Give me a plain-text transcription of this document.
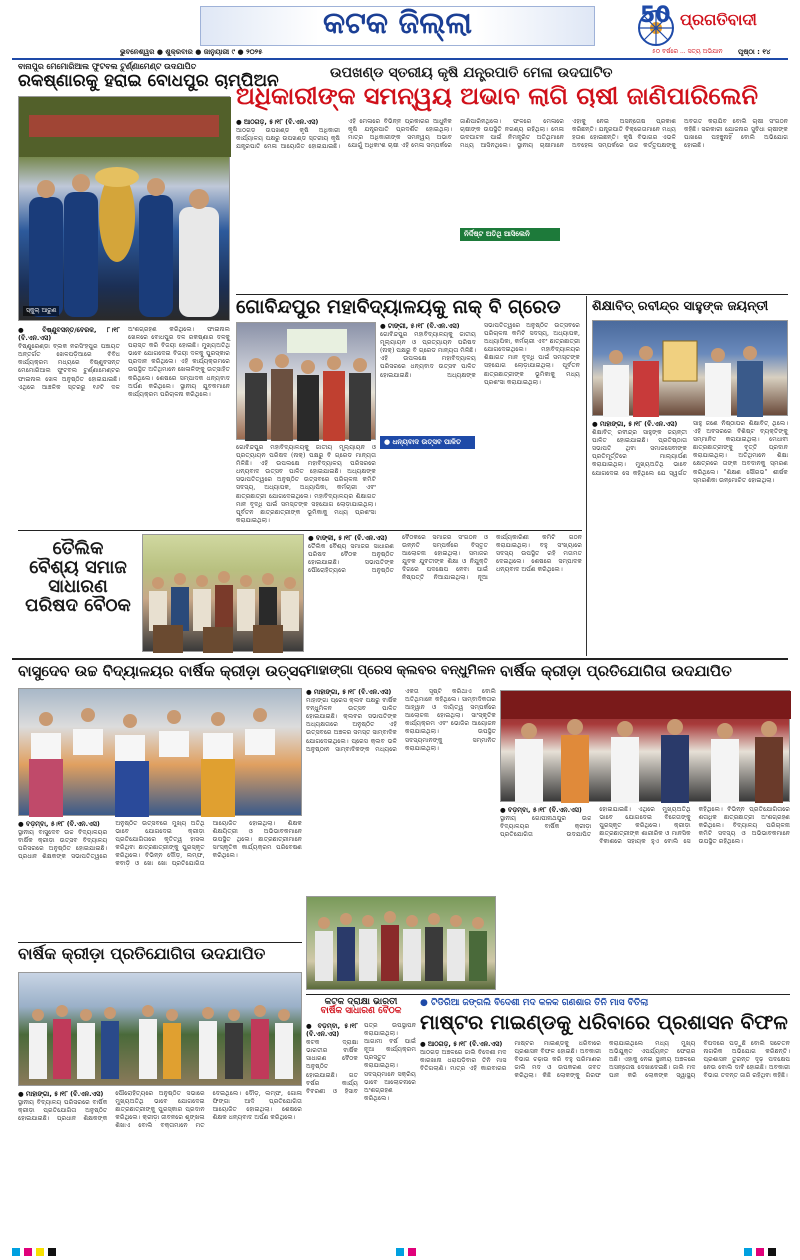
କଟକ ଜିଲ୍ଲା	50 ପ୍ରଗତିବାଦୀ
୫୦ ବର୍ଷରେ ... ସତ୍ୟ ଅଭିଯାନ
ଭୁବନେଶ୍ୱର ● ଶୁକ୍ରବାର ● ଜାନୁୟାରୀ ୯ ● ୨୦୨୫	ପୃଷ୍ଠା : ୧୪
ବାନାପୁର ମେମୋରିଆଲ ଫୁଟବଲ ଟୁର୍ଣ୍ଣାମେଣ୍ଟ ଉଦଯାପିତ
ରକଷ୍ଣାରକୁ ହରାଇ ବୋଧପୁର ଚାମ୍ପିଅନ
ସ୍କୁଲ୍ ଆରୁଣ
● ବିଷ୍ଣୁବସନ୍ତ/ବେରକ, ୮।୧୮ (ବି.ଏନ.ଏସ)
ବିଷ୍ଣୁରେଣ୍ଡା ବ୍ଲକ ନରସିଂହପୁର ପଞ୍ଚାୟତ ଅନ୍ତର୍ଗତ ଖେଳପଡ଼ିଆରେ ବିବିଧ କାର୍ଯ୍ୟକ୍ରମ ମଧ୍ୟରେ ବିଷ୍ଣୁବସନ୍ତ ମେମୋରିଆଲ ଫୁଟବଲ ଟୁର୍ଣ୍ଣାମେଣ୍ଟର ଫାଇନାଲ ଖେଳ ଅନୁଷ୍ଠିତ ହୋଇଯାଇଛି। ଏଥିରେ ଆଞ୍ଚଳିକ ସ୍ତରରୁ ୧୬ଟି ଦଳ ଅଂଶଗ୍ରହଣ କରିଥିଲେ। ଫାଇନାଲ ଖେଳରେ ବୋଧପୁର ଦଳ ରକଷ୍ଣାର ଦଳକୁ ପରାସ୍ତ କରି ବିଜୟୀ ହୋଇଛି। ମୁଖ୍ୟଅତିଥି ଭାବେ ଯୋଗଦେଇ ବିଜୟୀ ଦଳକୁ ପୁରସ୍କାର ପ୍ରଦାନ କରିଥିଲେ। ଏହି କାର୍ଯ୍ୟକ୍ରମରେ ଉପସ୍ଥିତ ଅତିଥିମାନେ ଖେଳାଳିଙ୍କୁ ଉତ୍ସାହିତ କରିଥିଲେ। ଶେଷରେ ସମ୍ପାଦକ ଧନ୍ୟବାଦ ଅର୍ପଣ କରିଥିଲେ। ସ୍ଥାନୀୟ ଯୁବକମାନେ କାର୍ଯ୍ୟକ୍ରମ ପରିଚାଳନା କରିଥିଲେ।
ଉପଖଣ୍ଡ ସ୍ତରୀୟ କୃଷି ଯନ୍ତ୍ରପାତି ମେଳା ଉଦଘାଟିତ
ଅଧିକାରୀଙ୍କ ସମନ୍ୱୟ ଅଭାବ ଲାଗି ଚାଷୀ ଜାଣିପାରିଲେନି
● ଆଠଗଡ଼, ୫।୧୮ (ବି.ଏନ.ଏସ)
ଆଠଗଡ଼ ଉପଖଣ୍ଡ କୃଷି ଅଧିକାରୀ କାର୍ଯ୍ୟାଳୟ ପକ୍ଷରୁ ଉପଖଣ୍ଡ ସ୍ତରୀୟ କୃଷି ଯନ୍ତ୍ରପାତି ମେଳା ଆୟୋଜିତ ହୋଇଯାଇଛି। ଏହି ମେଳାରେ ବିଭିନ୍ନ ପ୍ରକାରର ଆଧୁନିକ କୃଷି ଯନ୍ତ୍ରପାତି ପ୍ରଦର୍ଶିତ ହୋଇଥିଲା। ମାତ୍ର ଅଧିକାରୀଙ୍କ ସମନ୍ୱୟ ଅଭାବ ଯୋଗୁଁ ଅଧିକାଂଶ ଚାଷୀ ଏହି ମେଳା ସମ୍ପର୍କରେ ଜାଣିପାରିନଥିଲେ। ଫଳରେ ମେଳାରେ ଚାଷୀଙ୍କ ଉପସ୍ଥିତି ନଗଣ୍ୟ ରହିଥିଲା। ମେଳା ଉଦଘାଟନ ପାଇଁ ନିମନ୍ତ୍ରିତ ଅତିଥିମାନେ ମଧ୍ୟ ଆସିନଥିଲେ। ସ୍ଥାନୀୟ ଚାଷୀମାନେ ଏହାକୁ ନେଇ ଅସନ୍ତୋଷ ପ୍ରକାଶ କରିଛନ୍ତି। ଯନ୍ତ୍ରପାତି ବିକ୍ରେତାମାନେ ମଧ୍ୟ ହତାଶ ହୋଇଛନ୍ତି। କୃଷି ବିଭାଗର ଏଭଳି ଅବହେଳା ସମ୍ପର୍କରେ ଉଚ୍ଚ କର୍ତ୍ତୃପକ୍ଷଙ୍କୁ ଅବଗତ କରାଯିବ ବୋଲି ଚାଷୀ ସଂଗଠନ କହିଛି। ସରକାରୀ ଯୋଜନାର ସୁବିଧା ଚାଷୀଙ୍କ ପାଖରେ ପହଞ୍ଚୁନାହିଁ ବୋଲି ଅଭିଯୋଗ ହୋଇଛି।
ନିର୍ଦ୍ଦିଷ୍ଟ ଅତିଥି ଆସିଲେନି
ଗୋବିନ୍ଦପୁର ମହାବିଦ୍ୟାଳୟକୁ ନାକ୍ ବି ଗ୍ରେଡ
● ଟାଙ୍ଗୀ, ୫।୧୮ (ବି.ଏନ.ଏସ)
ଗୋବିନ୍ଦପୁର ମହାବିଦ୍ୟାଳୟକୁ ଜାତୀୟ ମୂଲ୍ୟାୟନ ଓ ପ୍ରତ୍ୟାୟନ ପରିଷଦ (ନାକ୍) ପକ୍ଷରୁ ବି ଗ୍ରେଡ ମାନ୍ୟତା ମିଳିଛି। ଏହି ଉପଲକ୍ଷେ ମହାବିଦ୍ୟାଳୟ ପରିସରରେ ଧନ୍ୟବାଦ ଉତ୍ସବ ପାଳିତ ହୋଇଯାଇଛି। ଅଧ୍ୟକ୍ଷଙ୍କ ସଭାପତିତ୍ୱରେ ଅନୁଷ୍ଠିତ ଉତ୍ସବରେ ପରିଚାଳନା କମିଟି ସଦସ୍ୟ, ଅଧ୍ୟାପକ, ଅଧ୍ୟାପିକା, କର୍ମଚାରୀ ଏବଂ ଛାତ୍ରଛାତ୍ରୀ ଯୋଗଦେଇଥିଲେ। ମହାବିଦ୍ୟାଳୟର ଶିକ୍ଷାଗତ ମାନ ବୃଦ୍ଧି ପାଇଁ ସମସ୍ତଙ୍କ ସହଯୋଗ ଲୋଡ଼ାଯାଇଥିଲା। ପୂର୍ବତନ ଛାତ୍ରଛାତ୍ରୀଙ୍କ ଭୂମିକାକୁ ମଧ୍ୟ ପ୍ରଶଂସା କରାଯାଇଥିଲା।
● ଧନ୍ୟବାଦ ଉତ୍ସବ ପାଳିତ
ଗୋବିନ୍ଦପୁର ମହାବିଦ୍ୟାଳୟକୁ ଜାତୀୟ ମୂଲ୍ୟାୟନ ଓ ପ୍ରତ୍ୟାୟନ ପରିଷଦ (ନାକ୍) ପକ୍ଷରୁ ବି ଗ୍ରେଡ ମାନ୍ୟତା ମିଳିଛି। ଏହି ଉପଲକ୍ଷେ ମହାବିଦ୍ୟାଳୟ ପରିସରରେ ଧନ୍ୟବାଦ ଉତ୍ସବ ପାଳିତ ହୋଇଯାଇଛି। ଅଧ୍ୟକ୍ଷଙ୍କ ସଭାପତିତ୍ୱରେ ଅନୁଷ୍ଠିତ ଉତ୍ସବରେ ପରିଚାଳନା କମିଟି ସଦସ୍ୟ, ଅଧ୍ୟାପକ, ଅଧ୍ୟାପିକା, କର୍ମଚାରୀ ଏବଂ ଛାତ୍ରଛାତ୍ରୀ ଯୋଗଦେଇଥିଲେ। ମହାବିଦ୍ୟାଳୟର ଶିକ୍ଷାଗତ ମାନ ବୃଦ୍ଧି ପାଇଁ ସମସ୍ତଙ୍କ ସହଯୋଗ ଲୋଡ଼ାଯାଇଥିଲା। ପୂର୍ବତନ ଛାତ୍ରଛାତ୍ରୀଙ୍କ ଭୂମିକାକୁ ମଧ୍ୟ ପ୍ରଶଂସା କରାଯାଇଥିଲା।
ଶିକ୍ଷାବିତ୍ ରବୀନ୍ଦ୍ର ସାହୁଙ୍କ ଜୟନ୍ତୀ
● ମାହାଙ୍ଗା, ୫।୧୮ (ବି.ଏନ.ଏସ)
ଶିକ୍ଷାବିତ୍ ରବୀନ୍ଦ୍ର ସାହୁଙ୍କ ଜୟନ୍ତୀ ପାଳିତ ହୋଇଯାଇଛି। ପ୍ରତିଷ୍ଠାତା ସଭାପତି ଥିବା ସମାଜସେବୀଙ୍କ ପ୍ରତିମୂର୍ତ୍ତିରେ ମାଲ୍ୟାର୍ପଣ କରାଯାଇଥିଲା। ମୁଖ୍ୟଅତିଥି ଭାବେ ଯୋଗଦେଇ ସେ କହିଥିଲେ ଯେ ସ୍ୱର୍ଗତ ସାହୁ ଜଣେ ନିଷ୍ଠାପର ଶିକ୍ଷାବିତ୍ ଥିଲେ। ଏହି ଅବସରରେ ବିଶିଷ୍ଟ ବ୍ୟକ୍ତିଙ୍କୁ ସମ୍ମାନିତ କରାଯାଇଥିଲା। ମେଧାବୀ ଛାତ୍ରଛାତ୍ରୀଙ୍କୁ ବୃତ୍ତି ପ୍ରଦାନ କରାଯାଇଥିଲା। ଅତିଥିମାନେ ଶିକ୍ଷା କ୍ଷେତ୍ରରେ ତାଙ୍କ ଅବଦାନକୁ ସ୍ମରଣ କରିଥିଲେ। "ଶିକ୍ଷଣ ସୌରଭ" ଶୀର୍ଷକ ସ୍ମରଣିକା ଉନ୍ମୋଚିତ ହୋଇଥିଲା।
ତୈଲିକ
ବୈଶ୍ୟ ସମାଜ
ସାଧାରଣ
ପରିଷଦ ବୈଠକ
● ବାଙ୍କୀ, ୫।୧୮ (ବି.ଏନ.ଏସ)
ତୈଲିକ ବୈଶ୍ୟ ସମାଜର ସାଧାରଣ ପରିଷଦ ବୈଠକ ଅନୁଷ୍ଠିତ ହୋଇଯାଇଛି। ସଭାପତିଙ୍କ ପୌରୋହିତ୍ୟରେ ଅନୁଷ୍ଠିତ ବୈଠକରେ ସମାଜର ସଂଗଠନ ଓ ଉନ୍ନତି ସମ୍ପର୍କରେ ବିସ୍ତୃତ ଆଲୋଚନା ହୋଇଥିଲା। ସମାଜର ଯୁବକ ଯୁବତୀଙ୍କ ଶିକ୍ଷା ଓ ନିଯୁକ୍ତି ଦିଗରେ ପଦକ୍ଷେପ ନେବା ପାଇଁ ନିଷ୍ପତ୍ତି ନିଆଯାଇଥିଲା। ନୂଆ କାର୍ଯ୍ୟକାରିଣୀ କମିଟି ଗଠନ କରାଯାଇଥିଲା। ବହୁ ସଂଖ୍ୟାରେ ସଦସ୍ୟ ଉପସ୍ଥିତ ରହି ମତାମତ ଦେଇଥିଲେ। ଶେଷରେ ସମ୍ପାଦକ ଧନ୍ୟବାଦ ଅର୍ପଣ କରିଥିଲେ।
ବାସୁଦେବ ଉଚ୍ଚ ବିଦ୍ୟାଳୟର ବାର୍ଷିକ କ୍ରୀଡ଼ା ଉତ୍ସବ
● ବଡ଼ମ୍ବା, ୫।୧୮ (ବି.ଏନ.ଏସ)
ସ୍ଥାନୀୟ ବାସୁଦେବ ଉଚ୍ଚ ବିଦ୍ୟାଳୟର ବାର୍ଷିକ କ୍ରୀଡ଼ା ଉତ୍ସବ ବିଦ୍ୟାଳୟ ପରିସରରେ ଅନୁଷ୍ଠିତ ହୋଇଯାଇଛି। ପ୍ରଧାନ ଶିକ୍ଷକଙ୍କ ସଭାପତିତ୍ୱରେ ଅନୁଷ୍ଠିତ ଉତ୍ସବରେ ମୁଖ୍ୟ ଅତିଥି ଭାବେ ଯୋଗଦେଇ କ୍ରୀଡ଼ା ପ୍ରତିଯୋଗିତାରେ କୃତିତ୍ୱ ହାସଲ କରିଥିବା ଛାତ୍ରଛାତ୍ରୀଙ୍କୁ ପୁରସ୍କୃତ କରିଥିଲେ। ବିଭିନ୍ନ ଦୌଡ଼, ଲମ୍ଫ, କବାଡ଼ି ଓ ଖୋ ଖୋ ପ୍ରତିଯୋଗିତା ଆୟୋଜିତ ହୋଇଥିଲା। ଶିକ୍ଷକ ଶିକ୍ଷୟିତ୍ରୀ ଓ ଅଭିଭାବକମାନେ ଉପସ୍ଥିତ ଥିଲେ। ଛାତ୍ରଛାତ୍ରୀମାନେ ସାଂସ୍କୃତିକ କାର୍ଯ୍ୟକ୍ରମ ପରିବେଷଣ କରିଥିଲେ।
ମାହାଙ୍ଗା ପ୍ରେସ କ୍ଲବର ବନ୍ଧୁମିଳନ
● ମାହାଙ୍ଗା, ୫।୧୮ (ବି.ଏନ.ଏସ)
ମାହାଙ୍ଗା ପ୍ରେସ କ୍ଲବ ପକ୍ଷରୁ ବାର୍ଷିକ ବନ୍ଧୁମିଳନ ଉତ୍ସବ ପାଳିତ ହୋଇଯାଇଛି। କ୍ଲବର ସଭାପତିଙ୍କ ଅଧ୍ୟକ୍ଷତାରେ ଅନୁଷ୍ଠିତ ଏହି ଉତ୍ସବରେ ଅଞ୍ଚଳର ସମସ୍ତ ସାମ୍ବାଦିକ ଯୋଗଦେଇଥିଲେ। ପ୍ରେସ କ୍ଲବ ଭଳି ଅନୁଷ୍ଠାନ ସାମ୍ବାଦିକଙ୍କ ମଧ୍ୟରେ ଏକତା ସୃଷ୍ଟି କରିଥାଏ ବୋଲି ଅତିଥିମାନେ କହିଥିଲେ। ସାମ୍ବାଦିକତାର ଆହ୍ୱାନ ଓ ଦାୟିତ୍ୱ ସମ୍ପର୍କରେ ଆଲୋଚନା ହୋଇଥିଲା। ସାଂସ୍କୃତିକ କାର୍ଯ୍ୟକ୍ରମ ଏବଂ ଭୋଜିର ଆୟୋଜନ କରାଯାଇଥିଲା। ଉପସ୍ଥିତ ସଦସ୍ୟମାନଙ୍କୁ ସମ୍ମାନିତ କରାଯାଇଥିଲା।
ବାର୍ଷିକ କ୍ରୀଡ଼ା ପ୍ରତିଯୋଗିତା ଉଦଯାପିତ
● ବଡ଼ମ୍ବା, ୫।୧୮ (ବି.ଏନ.ଏସ)
ସ୍ଥାନୀୟ ଗୋପୀନାଥପୁର ଉଚ୍ଚ ବିଦ୍ୟାଳୟର ବାର୍ଷିକ କ୍ରୀଡ଼ା ପ୍ରତିଯୋଗିତା ଉଦଯାପିତ ହୋଇଯାଇଛି। ଏଥିରେ ମୁଖ୍ୟଅତିଥି ଭାବେ ଯୋଗଦେଇ ବିଜେତାଙ୍କୁ ପୁରସ୍କୃତ କରିଥିଲେ। କ୍ରୀଡ଼ା ଛାତ୍ରଛାତ୍ରୀଙ୍କ ଶାରୀରିକ ଓ ମାନସିକ ବିକାଶରେ ସହାୟକ ହୁଏ ବୋଲି ସେ କହିଥିଲେ। ବିଭିନ୍ନ ପ୍ରତିଯୋଗିତାରେ ଶତାଧିକ ଛାତ୍ରଛାତ୍ରୀ ଅଂଶଗ୍ରହଣ କରିଥିଲେ। ବିଦ୍ୟାଳୟ ପରିଚାଳନା କମିଟି ସଦସ୍ୟ ଓ ଅଭିଭାବକମାନେ ଉପସ୍ଥିତ ରହିଥିଲେ।
ବାର୍ଷିକ କ୍ରୀଡ଼ା ପ୍ରତିଯୋଗିତା ଉଦଯାପିତ
● ମାହାଙ୍ଗା, ୫।୧୮ (ବି.ଏନ.ଏସ)
ସ୍ଥାନୀୟ ବିଦ୍ୟାଳୟ ପରିସରରେ ବାର୍ଷିକ କ୍ରୀଡ଼ା ପ୍ରତିଯୋଗିତା ଅନୁଷ୍ଠିତ ହୋଇଯାଇଛି। ପ୍ରଧାନ ଶିକ୍ଷକଙ୍କ ପୌରୋହିତ୍ୟରେ ଅନୁଷ୍ଠିତ ସଭାରେ ମୁଖ୍ୟଅତିଥି ଭାବେ ଯୋଗଦେଇ ଛାତ୍ରଛାତ୍ରୀଙ୍କୁ ପୁରସ୍କାର ପ୍ରଦାନ କରିଥିଲେ। କ୍ରୀଡ଼ା ଜୀବନରେ ଶୃଙ୍ଖଳା ଶିଖାଏ ବୋଲି ବକ୍ତାମାନେ ମତ ଦେଇଥିଲେ। ଦୌଡ଼, ଲମ୍ଫ, ଗୋଳା ଫିଙ୍ଗା ଆଦି ପ୍ରତିଯୋଗିତା ଆୟୋଜିତ ହୋଇଥିଲା। ଶେଷରେ ଶିକ୍ଷକ ଧନ୍ୟବାଦ ଅର୍ପଣ କରିଥିଲେ।
କଟକ ଦ୍ରାକ୍ଷା ଭାରତୀ
ବାର୍ଷିକ ସାଧାରଣ ବୈଠକ
● ବଡ଼ମ୍ବା, ୫।୧୮ (ବି.ଏନ.ଏସ)
କଟକ ଦ୍ରାକ୍ଷା ଭାରତୀର ବାର୍ଷିକ ସାଧାରଣ ବୈଠକ ଅନୁଷ୍ଠିତ ହୋଇଯାଇଛି। ଗତ ବର୍ଷର କାର୍ଯ୍ୟ ବିବରଣୀ ଓ ହିସାବ ପତ୍ର ଉପସ୍ଥାପନ କରାଯାଇଥିଲା। ଆଗାମୀ ବର୍ଷ ପାଇଁ ନୂଆ କାର୍ଯ୍ୟକ୍ରମ ପ୍ରସ୍ତୁତ କରାଯାଇଥିଲା। ସଦସ୍ୟମାନେ ସକ୍ରିୟ ଭାବେ ଆଲୋଚନାରେ ଅଂଶଗ୍ରହଣ କରିଥିଲେ।
● ଟିଡିରିଆ ଜଙ୍ଗଲି ବିଦେଶୀ ମଦ କଳକ ଗଣଶାର ତିନି ମାସ ବିତିଲା
ମାଷ୍ଟର ମାଇଣ୍ଡକୁ ଧରିବାରେ ପ୍ରଶାସନ ବିଫଳ
● ଆଠଗଡ଼, ୫।୧୮ (ବି.ଏନ.ଏସ)
ଆଠଗଡ଼ ଅଞ୍ଚଳରେ ଜାଲି ବିଦେଶୀ ମଦ କାରଖାନା ଧରାପଡ଼ିବାର ତିନି ମାସ ବିତିଗଲାଣି। ମାତ୍ର ଏହି କାରବାରର ମାଷ୍ଟର ମାଇଣ୍ଡକୁ ଧରିବାରେ ପ୍ରଶାସନ ବିଫଳ ହୋଇଛି। ଅବକାରୀ ବିଭାଗ ଚଢ଼ାଉ କରି ବହୁ ପରିମାଣର ଜାଲି ମଦ ଓ ଉପକରଣ ଜବତ କରିଥିଲା। କିଛି ଲୋକଙ୍କୁ ଗିରଫ କରାଯାଇଥିଲେ ମଧ୍ୟ ମୁଖ୍ୟ ଅଭିଯୁକ୍ତ ଏପର୍ଯ୍ୟନ୍ତ ଫେରାର ଅଛି। ଏହାକୁ ନେଇ ସ୍ଥାନୀୟ ଅଞ୍ଚଳରେ ଅସନ୍ତୋଷ ଦେଖାଦେଇଛି। ଜାଲି ମଦ ପାନ କରି ଲୋକଙ୍କ ସ୍ୱାସ୍ଥ୍ୟ ବିପଦରେ ପଡ଼ୁଛି ବୋଲି ସଚେତନ ନାଗରିକ ଅଭିଯୋଗ କରିଛନ୍ତି। ପ୍ରଶାସନ ତୁରନ୍ତ ଦୃଢ଼ ପଦକ୍ଷେପ ନେଉ ବୋଲି ଦାବି ହୋଇଛି। ଅବକାରୀ ବିଭାଗ ତଦନ୍ତ ଜାରି ରହିଥିବା କହିଛି।
